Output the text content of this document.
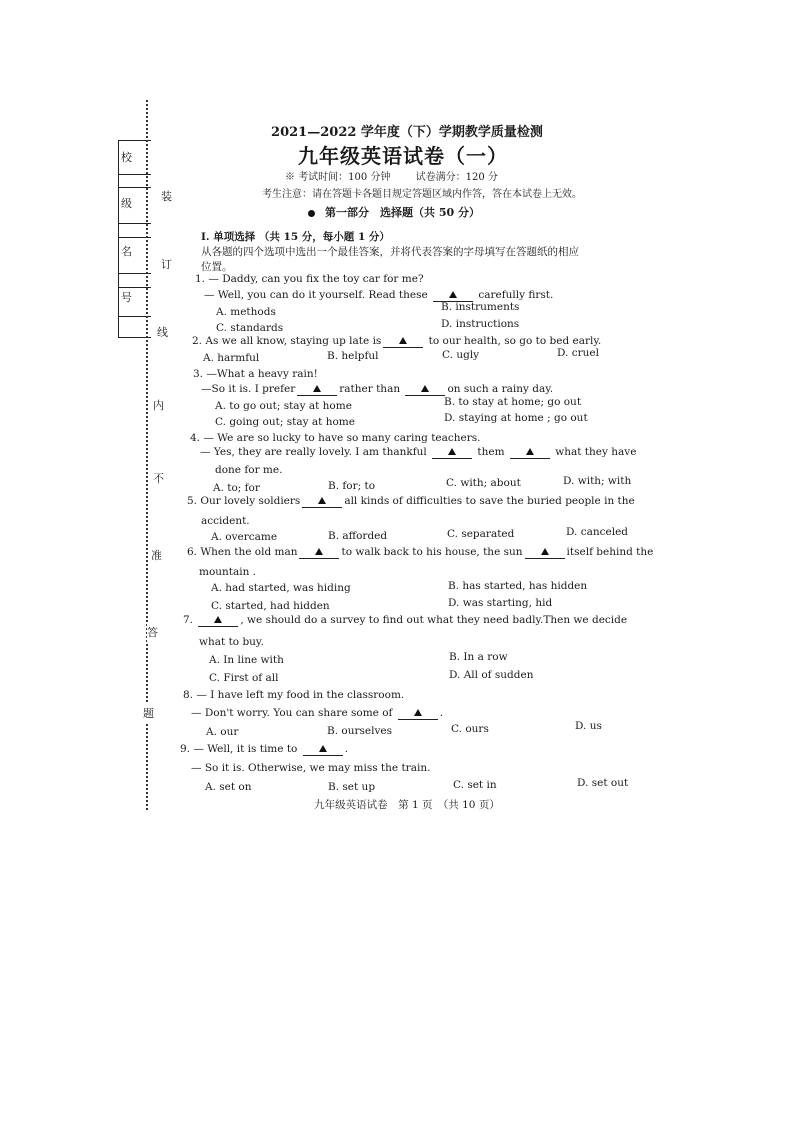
校
级
名
号
装
订
线
内
不
准
答
题
2021—2022 学年度（下）学期教学质量检测
九年级英语试卷（一）
※ 考试时间：100 分钟	试卷满分：120 分
考生注意：请在答题卡各题目规定答题区域内作答，答在本试卷上无效。
第一部分　选择题（共 50 分）
Ⅰ. 单项选择 （共 15 分，每小题 1 分）
从各题的四个选项中选出一个最佳答案，并将代表答案的字母填写在答题纸的相应
位置。
1. — Daddy, can you fix the toy car for me?
— Well, you can do it yourself. Read these	carefully first.
A. methods	B. instruments
C. standards	D. instructions
2. As we all know, staying up late is	to our health, so go to bed early.
A. harmful	B. helpful	C. ugly	D. cruel
3. —What a heavy rain!
—So it is. I prefer	rather than	on such a rainy day.
A. to go out; stay at home	B. to stay at home; go out
C. going out; stay at home	D. staying at home ; go out
4. — We are so lucky to have so many caring teachers.
— Yes, they are really lovely. I am thankful	them	what they have
done for me.
A. to; for	B. for; to	C. with; about	D. with; with
5. Our lovely soldiers	all kinds of difficulties to save the buried people in the
accident.
A. overcame	B. afforded	C. separated	D. canceled
6. When the old man	to walk back to his house, the sun	itself behind the
mountain .
A. had started, was hiding	B. has started, has hidden
C. started, had hidden	D. was starting, hid
7.	, we should do a survey to find out what they need badly.Then we decide
what to buy.
A. In line with	B. In a row
C. First of all	D. All of sudden
8. — I have left my food in the classroom.
— Don't worry. You can share some of	.
A. our	B. ourselves	C. ours	D. us
9. — Well, it is time to	.
— So it is. Otherwise, we may miss the train.
A. set on	B. set up	C. set in	D. set out
九年级英语试卷　第 1 页　（共 10 页）
